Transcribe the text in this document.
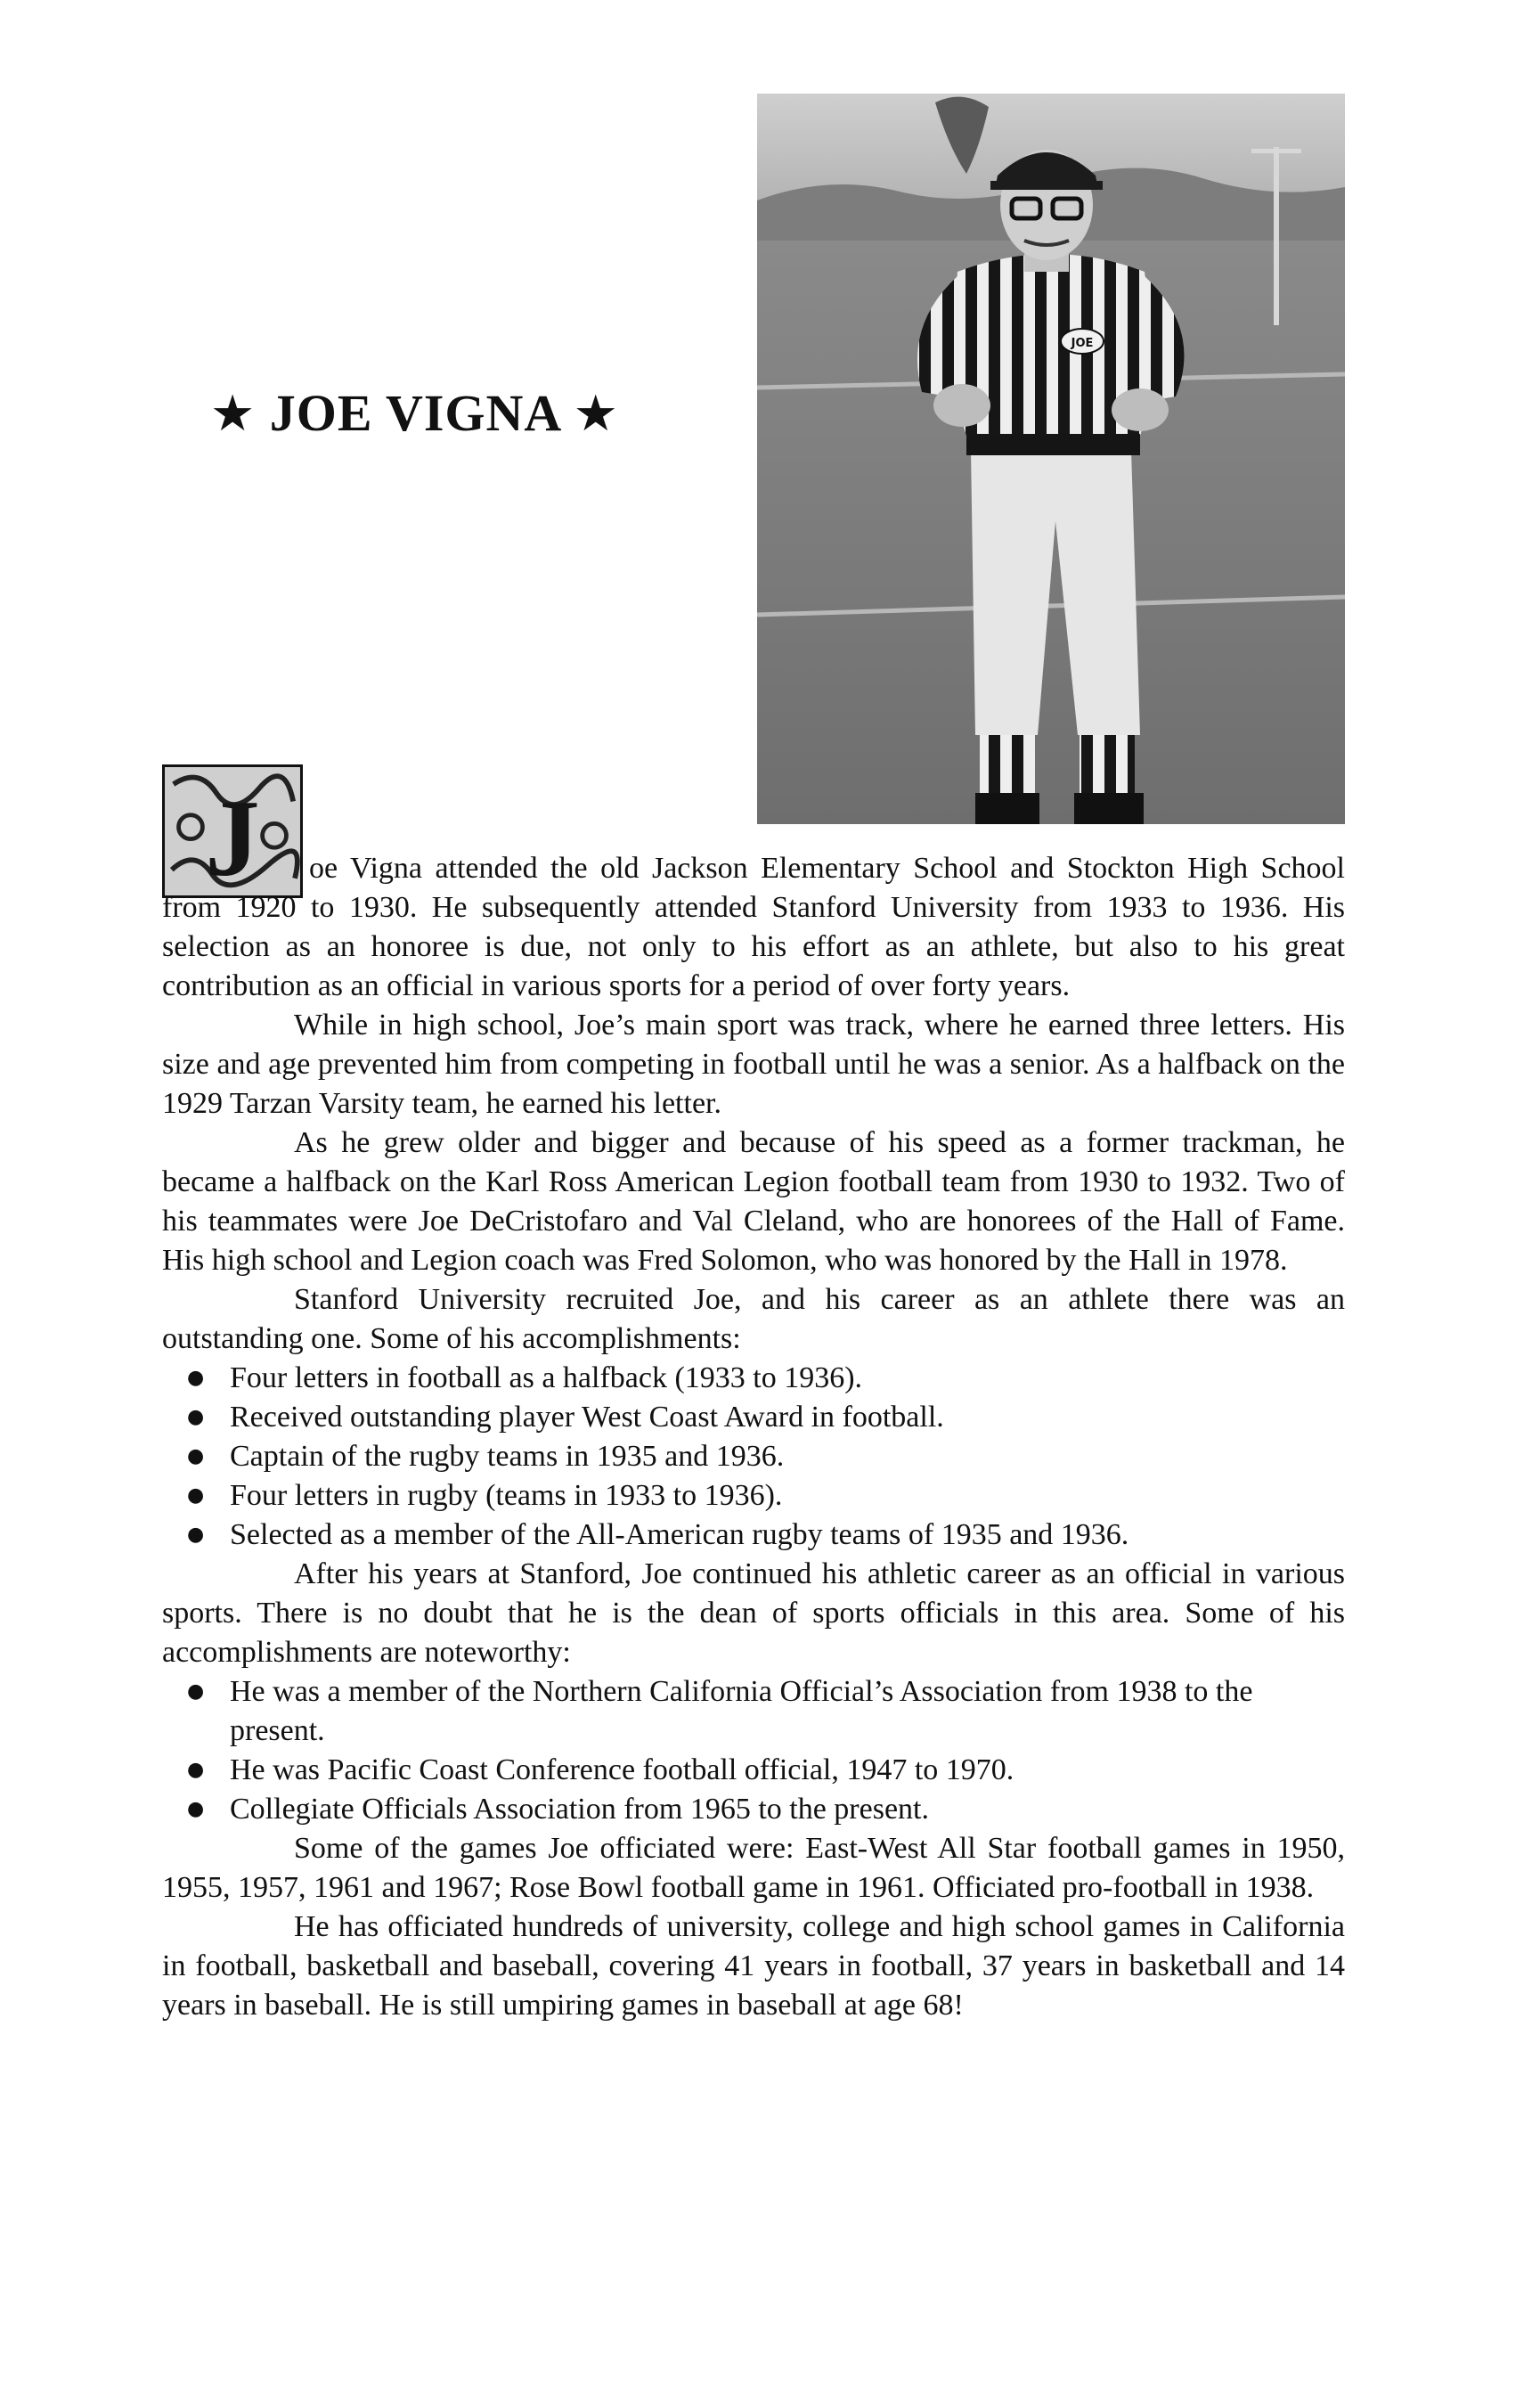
★ JOE VIGNA ★
JOE
J	oe Vigna attended the old Jackson Elementary School and Stockton High School from 1920 to 1930. He subsequently attended Stanford University from 1933 to 1936. His selection as an honoree is due, not only to his effort as an athlete, but also to his great contribution as an official in various sports for a period of over forty years.

While in high school, Joe’s main sport was track, where he earned three letters. His size and age prevented him from competing in football until he was a senior. As a halfback on the 1929 Tarzan Varsity team, he earned his letter.

As he grew older and bigger and because of his speed as a former trackman, he became a halfback on the Karl Ross American Legion football team from 1930 to 1932. Two of his teammates were Joe DeCristofaro and Val Cleland, who are honorees of the Hall of Fame. His high school and Legion coach was Fred Solomon, who was honored by the Hall in 1978.

Stanford University recruited Joe, and his career as an athlete there was an outstanding one. Some of his accomplishments:

● Four letters in football as a halfback (1933 to 1936).
● Received outstanding player West Coast Award in football.
● Captain of the rugby teams in 1935 and 1936.
● Four letters in rugby (teams in 1933 to 1936).
● Selected as a member of the All-American rugby teams of 1935 and 1936.

After his years at Stanford, Joe continued his athletic career as an official in various sports. There is no doubt that he is the dean of sports officials in this area. Some of his accomplishments are noteworthy:

● He was a member of the Northern California Official’s Association from 1938 to the present.
● He was Pacific Coast Conference football official, 1947 to 1970.
● Collegiate Officials Association from 1965 to the present.

Some of the games Joe officiated were: East-West All Star football games in 1950, 1955, 1957, 1961 and 1967; Rose Bowl football game in 1961. Officiated pro-football in 1938.

He has officiated hundreds of university, college and high school games in California in football, basketball and baseball, covering 41 years in football, 37 years in basketball and 14 years in baseball. He is still umpiring games in baseball at age 68!
